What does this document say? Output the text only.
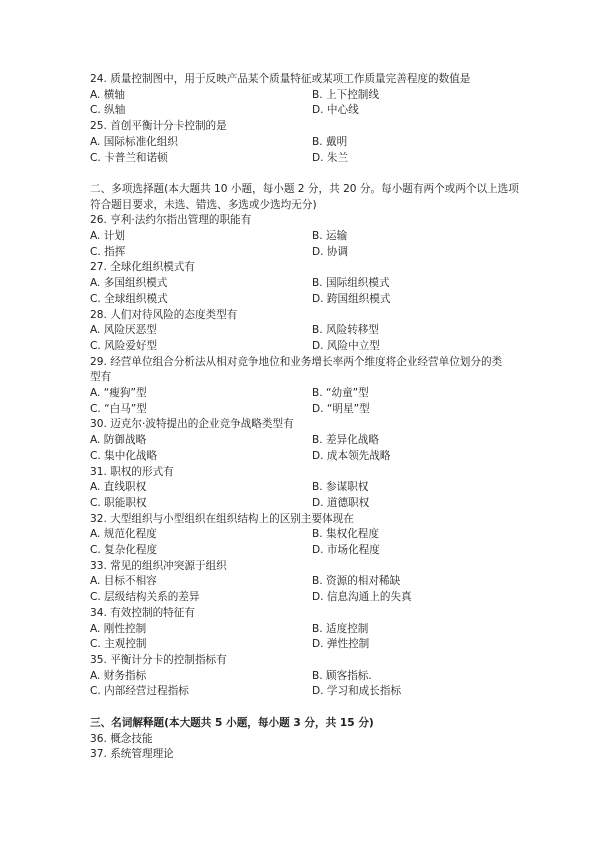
24. 质量控制图中，用于反映产品某个质量特征或某项工作质量完善程度的数值是
A. 横轴	B. 上下控制线
C. 纵轴	D. 中心线
25. 首创平衡计分卡控制的是
A. 国际标准化组织	B. 戴明
C. 卡普兰和诺顿	D. 朱兰
二、多项选择题(本大题共 10 小题，每小题 2 分，共 20 分。每小题有两个或两个以上选项
符合题目要求，未选、错选、多选或少选均无分)
26. 亨利·法约尔指出管理的职能有
A. 计划	B. 运输
C. 指挥	D. 协调
27. 全球化组织模式有
A. 多国组织模式	B. 国际组织模式
C. 全球组织模式	D. 跨国组织模式
28. 人们对待风险的态度类型有
A. 风险厌恶型	B. 风险转移型
C. 风险爱好型	D. 风险中立型
29. 经营单位组合分析法从相对竞争地位和业务增长率两个维度将企业经营单位划分的类
型有
A. “瘦狗”型	B. “幼童”型
C. “白马”型	D. “明星”型
30. 迈克尔·波特提出的企业竞争战略类型有
A. 防御战略	B. 差异化战略
C. 集中化战略	D. 成本领先战略
31. 职权的形式有
A. 直线职权	B. 参谋职权
C. 职能职权	D. 道德职权
32. 大型组织与小型组织在组织结构上的区别主要体现在
A. 规范化程度	B. 集权化程度
C. 复杂化程度	D. 市场化程度
33. 常见的组织冲突源于组织
A. 目标不相容	B. 资源的相对稀缺
C. 层级结构关系的差异	D. 信息沟通上的失真
34. 有效控制的特征有
A. 刚性控制	B. 适度控制
C. 主观控制	D. 弹性控制
35. 平衡计分卡的控制指标有
A. 财务指标	B. 顾客指标.
C. 内部经营过程指标	D. 学习和成长指标
三、名词解释题(本大题共 5 小题，每小题 3 分，共 15 分)
36. 概念技能
37. 系统管理理论
